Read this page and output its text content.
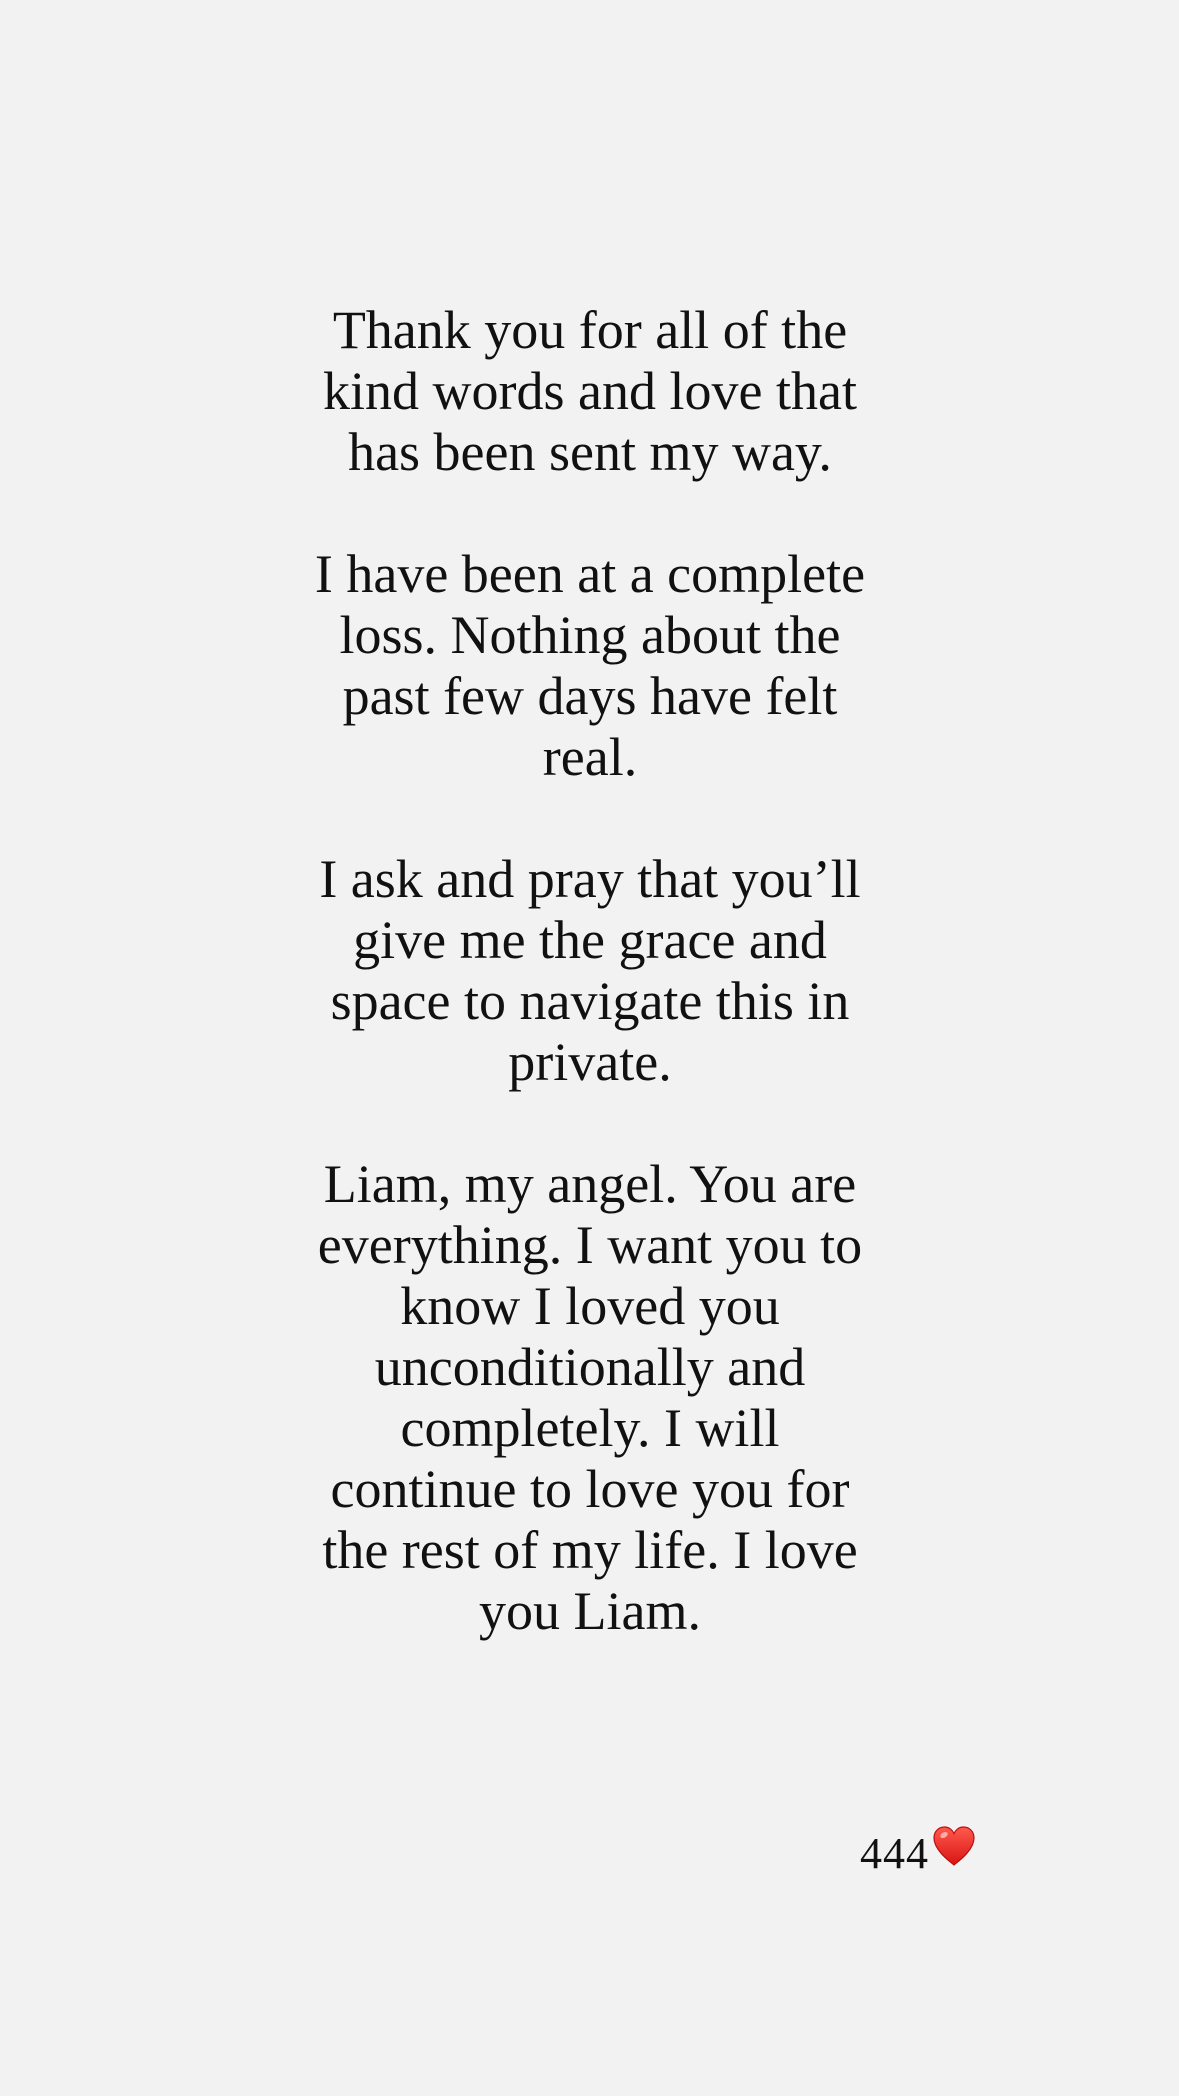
Thank you for all of the
kind words and love that
has been sent my way.
I have been at a complete
loss. Nothing about the
past few days have felt
real.
I ask and pray that you’ll
give me the grace and
space to navigate this in
private.
Liam, my angel. You are
everything. I want you to
know I loved you
unconditionally and
completely. I will
continue to love you for
the rest of my life. I love
you Liam.
444
